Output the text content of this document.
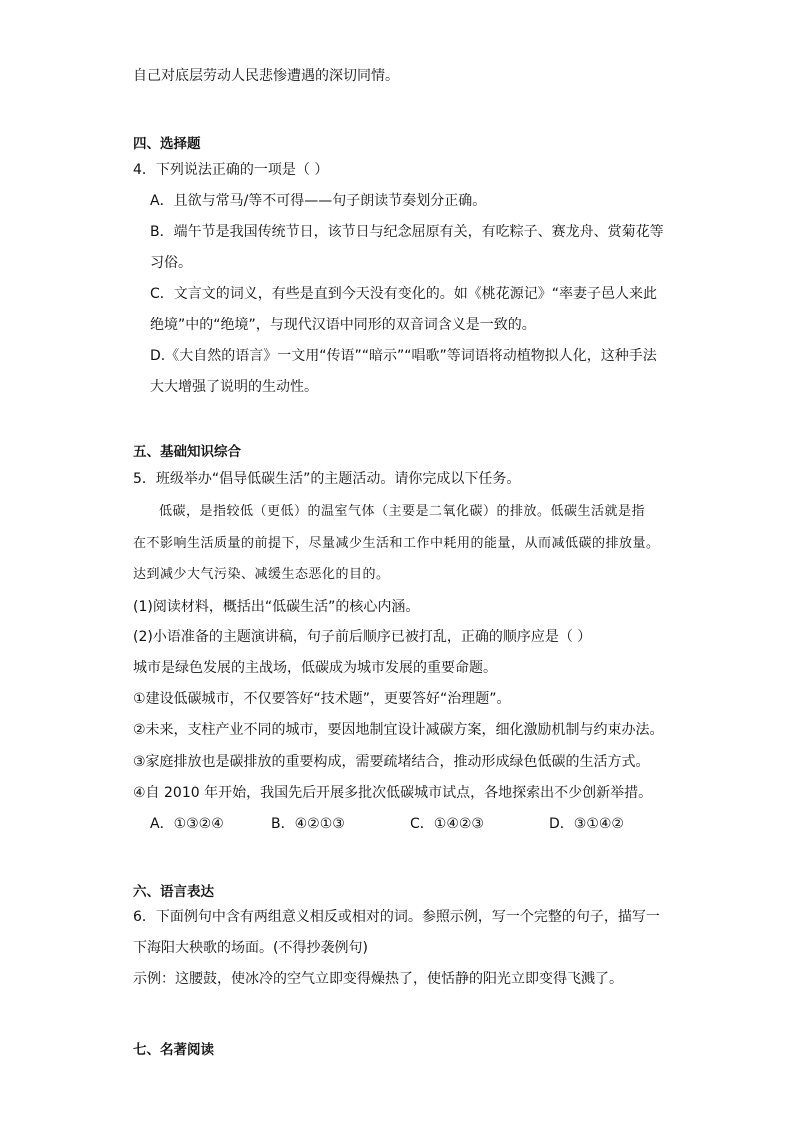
自己对底层劳动人民悲惨遭遇的深切同情。
四、选择题
4．下列说法正确的一项是（ ）
A．且欲与常马/等不可得——句子朗读节奏划分正确。
B．端午节是我国传统节日，该节日与纪念屈原有关，有吃粽子、赛龙舟、赏菊花等
习俗。
C．文言文的词义，有些是直到今天没有变化的。如《桃花源记》“率妻子邑人来此
绝境”中的“绝境”，与现代汉语中同形的双音词含义是一致的。
D.《大自然的语言》一文用“传语”“暗示”“唱歌”等词语将动植物拟人化，这种手法
大大增强了说明的生动性。
五、基础知识综合
5．班级举办“倡导低碳生活”的主题活动。请你完成以下任务。
低碳，是指较低（更低）的温室气体（主要是二氧化碳）的排放。低碳生活就是指
在不影响生活质量的前提下，尽量减少生活和工作中耗用的能量，从而减低碳的排放量。
达到减少大气污染、减缓生态恶化的目的。
(1)阅读材料，概括出“低碳生活”的核心内涵。
(2)小语准备的主题演讲稿，句子前后顺序已被打乱，正确的顺序应是（ ）
城市是绿色发展的主战场，低碳成为城市发展的重要命题。
①建设低碳城市，不仅要答好“技术题”，更要答好“治理题”。
②未来，支柱产业不同的城市，要因地制宜设计减碳方案，细化激励机制与约束办法。
③家庭排放也是碳排放的重要构成，需要疏堵结合，推动形成绿色低碳的生活方式。
④自 2010 年开始，我国先后开展多批次低碳城市试点，各地探索出不少创新举措。
A．①③②④	B．④②①③	C．①④②③	D．③①④②
六、语言表达
6．下面例句中含有两组意义相反或相对的词。参照示例，写一个完整的句子，描写一
下海阳大秧歌的场面。(不得抄袭例句)
示例：这腰鼓，使冰冷的空气立即变得燥热了，使恬静的阳光立即变得飞溅了。
七、名著阅读
